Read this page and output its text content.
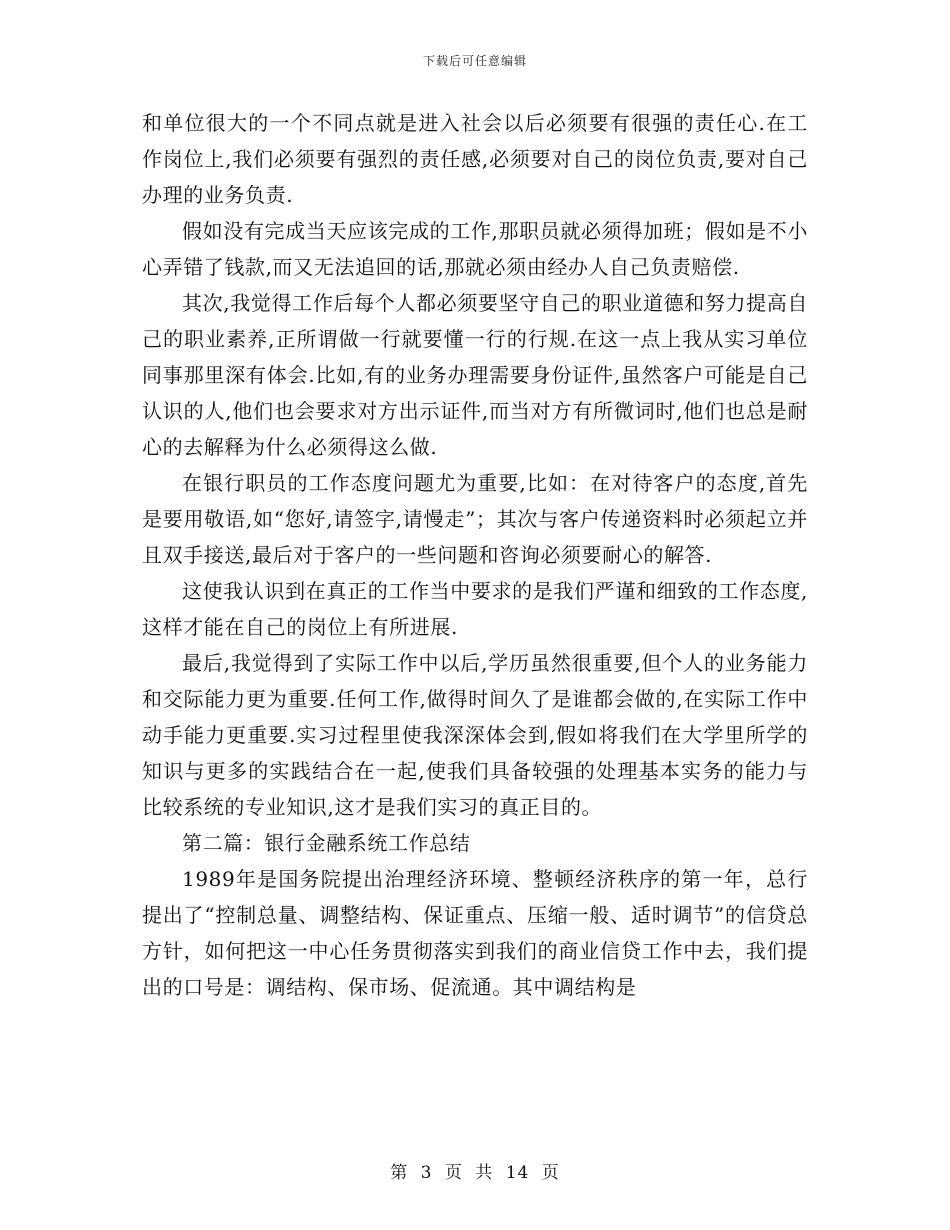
下载后可任意编辑

和单位很大的一个不同点就是进入社会以后必须要有很强的责任心.在工作岗位上,我们必须要有强烈的责任感,必须要对自己的岗位负责,要对自己办理的业务负责.

假如没有完成当天应该完成的工作,那职员就必须得加班；假如是不小心弄错了钱款,而又无法追回的话,那就必须由经办人自己负责赔偿.

其次,我觉得工作后每个人都必须要坚守自己的职业道德和努力提高自己的职业素养,正所谓做一行就要懂一行的行规.在这一点上我从实习单位同事那里深有体会.比如,有的业务办理需要身份证件,虽然客户可能是自己认识的人,他们也会要求对方出示证件,而当对方有所微词时,他们也总是耐心的去解释为什么必须得这么做.

在银行职员的工作态度问题尤为重要,比如：在对待客户的态度,首先是要用敬语,如“您好,请签字,请慢走”；其次与客户传递资料时必须起立并且双手接送,最后对于客户的一些问题和咨询必须要耐心的解答.

这使我认识到在真正的工作当中要求的是我们严谨和细致的工作态度,这样才能在自己的岗位上有所进展.

最后,我觉得到了实际工作中以后,学历虽然很重要,但个人的业务能力和交际能力更为重要.任何工作,做得时间久了是谁都会做的,在实际工作中动手能力更重要.实习过程里使我深深体会到,假如将我们在大学里所学的知识与更多的实践结合在一起,使我们具备较强的处理基本实务的能力与比较系统的专业知识,这才是我们实习的真正目的。

第二篇：银行金融系统工作总结

1989年是国务院提出治理经济环境、整顿经济秩序的第一年，总行提出了“控制总量、调整结构、保证重点、压缩一般、适时调节”的信贷总方针，如何把这一中心任务贯彻落实到我们的商业信贷工作中去，我们提出的口号是：调结构、保市场、促流通。其中调结构是

第 3 页 共 14 页
